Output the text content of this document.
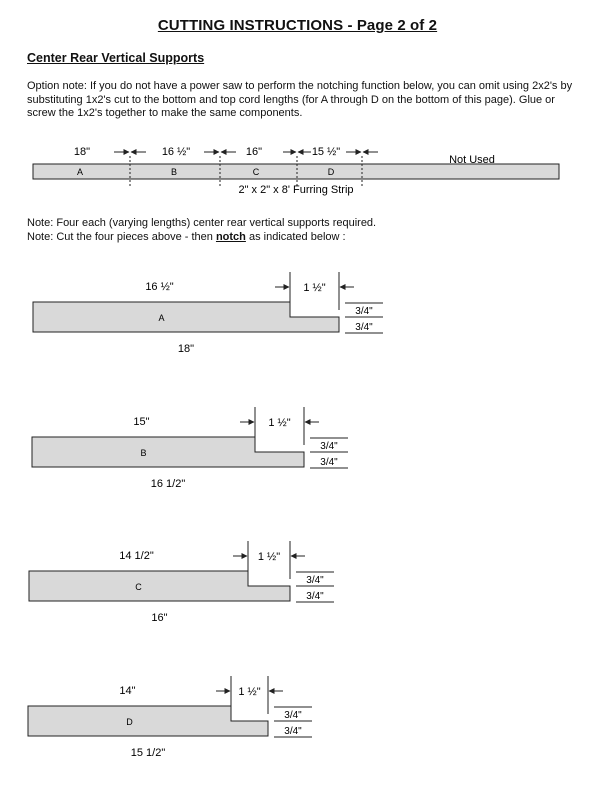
CUTTING INSTRUCTIONS - Page 2 of 2
Center Rear Vertical Supports
Option note: If you do not have a power saw to perform the notching function below, you can omit using 2x2's by substituting 1x2's cut to the bottom and top cord lengths (for A through D on the bottom of this page). Glue or screw the 1x2's together to make the same components.
Note: Four each (varying lengths) center rear vertical supports required.
Note: Cut the four pieces above - then notch as indicated below :
18"	16 ½"	16"	15 ½"
Not Used
A	B	C	D
2" x 2" x 8' Furring Strip
A
16 ½"
18"
1 ½"
3/4"
3/4"
B
15"
16 1/2"
1 ½"
3/4"
3/4"
C
14 1/2"
16"
1 ½"
3/4"
3/4"
D
14"
15 1/2"
1 ½"
3/4"
3/4"
